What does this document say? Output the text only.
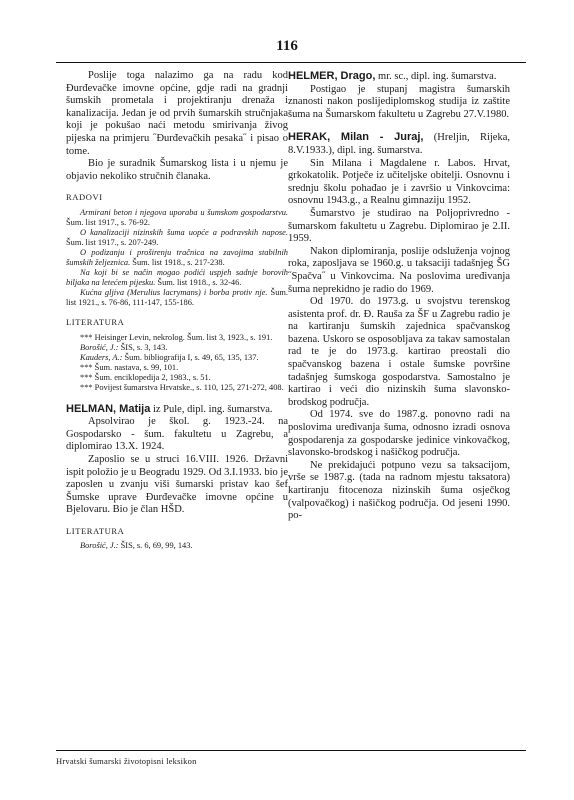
116

Poslije toga nalazimo ga na radu kod Đurđevačke imovne općine, gdje radi na gradnji šumskih prometala i projektiranju drenaža i kanalizacija. Jedan je od prvih šumarskih stručnjaka koji je pokušao naći metodu smirivanja živog pijeska na primjeru ˝Đurđevačkih pesaka˝ i pisao o tome.

Bio je suradnik Šumarskog lista i u njemu je objavio nekoliko stručnih članaka.

RADOVI

Armirani beton i njegova uporaba u šumskom gospodarstvu. Šum. list 1917., s. 76-92.

O kanalizaciji nizinskih šuma uopće a podravskih napose. Šum. list 1917., s. 207-249.

O podizanju i proširenju tračnica na zavojima stabilnih šumskih željeznica. Šum. list 1918., s. 217-238.

Na koji bi se način mogao podići uspjeh sadnje borovih biljaka na letećem pijesku. Šum. list 1918., s. 32-46.

Kućna gljiva (Merulius lacrymans) i borba protiv nje. Šum. list 1921., s. 76-86, 111-147, 155-186.

LITERATURA

*** Heisinger Levin, nekrolog. Šum. list 3, 1923., s. 191.

Borošić, J.: ŠIS, s. 3, 143.

Kauders, A.: Šum. bibliografija I, s. 49, 65, 135, 137.

*** Šum. nastava, s. 99, 101.

*** Šum. enciklopedija 2, 1983., s. 51.

*** Povijest šumarstva Hrvatske., s. 110, 125, 271-272, 408.

HELMAN, Matija iz Pule, dipl. ing. šumarstva.

Apsolvirao je škol. g. 1923.-24. na Gospodarsko - šum. fakultetu u Zagrebu, a diplomirao 13.X. 1924.

Zaposlio se u struci 16.VIII. 1926. Državni ispit položio je u Beogradu 1929. Od 3.I.1933. bio je zaposlen u zvanju viši šumarski pristav kao šef Šumske uprave Đurđevačke imovne općine u Bjelovaru. Bio je član HŠD.

LITERATURA

Borošić, J.: ŠIS, s. 6, 69, 99, 143.

HELMER, Drago, mr. sc., dipl. ing. šumarstva.

Postigao je stupanj magistra šumarskih znanosti nakon poslijediplomskog studija iz zaštite šuma na Šumarskom fakultetu u Zagrebu 27.V.1980.

HERAK, Milan - Juraj, (Hreljin, Rijeka, 8.V.1933.), dipl. ing. šumarstva.

Sin Milana i Magdalene r. Labos. Hrvat, grkokatolik. Potječe iz učiteljske obitelji. Osnovnu i srednju školu pohađao je i završio u Vinkovcima: osnovnu 1943.g., a Realnu gimnaziju 1952.

Šumarstvo je studirao na Poljoprivredno - šumarskom fakultetu u Zagrebu. Diplomirao je 2.II. 1959.

Nakon diplomiranja, poslije odsluženja vojnog roka, zaposljava se 1960.g. u taksaciji tadašnjeg ŠG ˝Spačva˝ u Vinkovcima. Na poslovima uređivanja šuma neprekidno je radio do 1969.

Od 1970. do 1973.g. u svojstvu terenskog asistenta prof. dr. Đ. Rauša za ŠF u Zagrebu radio je na kartiranju šumskih zajednica spačvanskog bazena. Uskoro se osposobljava za takav samostalan rad te je do 1973.g. kartirao preostali dio spačvanskog bazena i ostale šumske površine tadašnjeg šumskoga gospodarstva. Samostalno je kartirao i veći dio nizinskih šuma slavonsko-brodskog područja.

Od 1974. sve do 1987.g. ponovno radi na poslovima uređivanja šuma, odnosno izradi osnova gospodarenja za gospodarske jedinice vinkovačkog, slavonsko-brodskog i našičkog područja.

Ne prekidajući potpuno vezu sa taksacijom, vrše se 1987.g. (tada na radnom mjestu taksatora) kartiranju fitocenoza nizinskih šuma osječkog (valpovačkog) i našičkog područja. Od jeseni 1990. po-

Hrvatski šumarski životopisni leksikon
